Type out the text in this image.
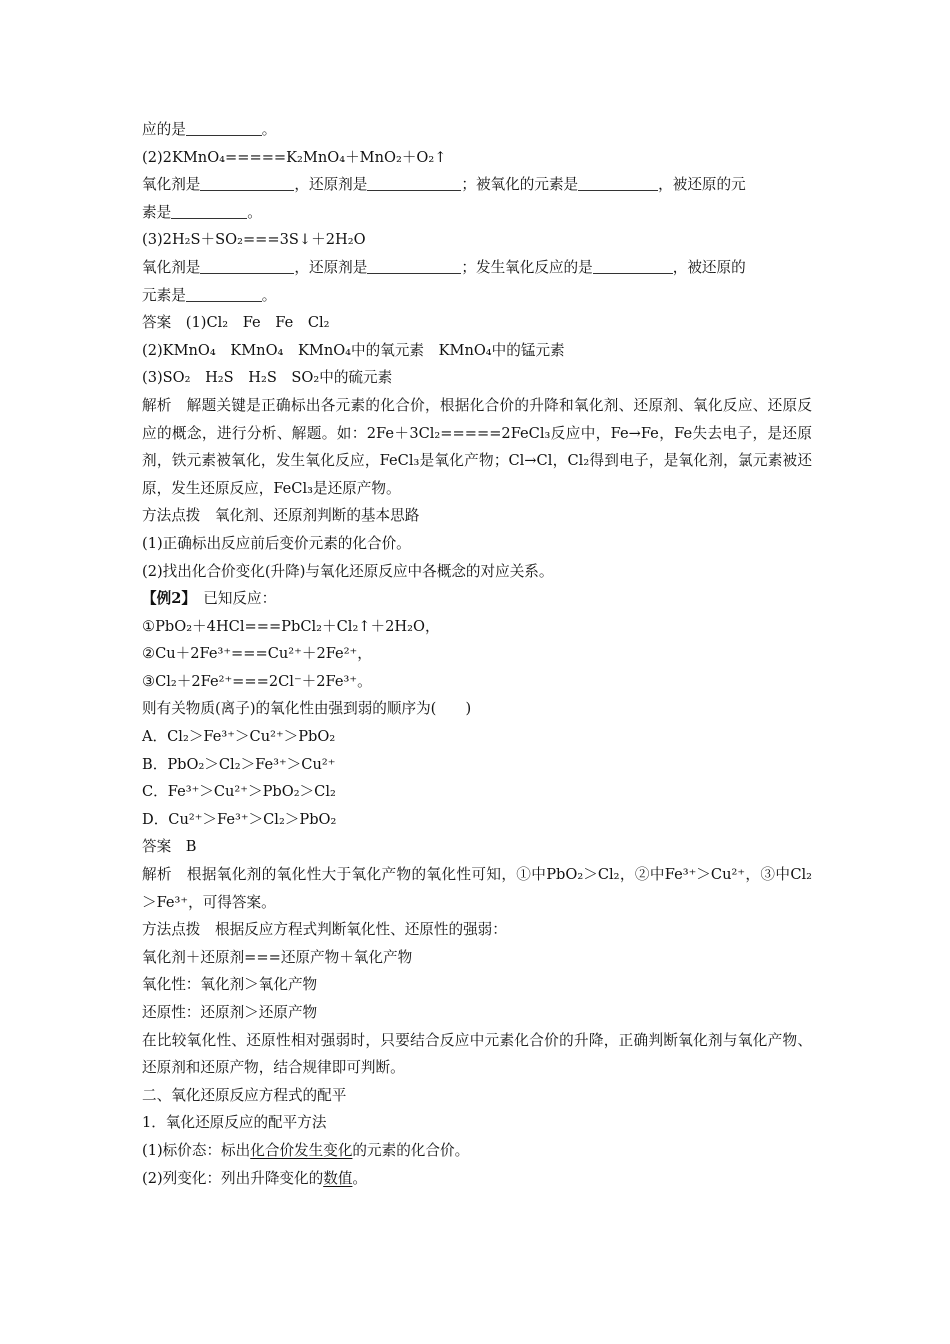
应的是	。
(2)2KMnO₄=====K₂MnO₄＋MnO₂＋O₂↑
氧化剂是	，还原剂是	；被氧化的元素是	，被还原的元
素是	。
(3)2H₂S＋SO₂===3S↓＋2H₂O
氧化剂是	，还原剂是	；发生氧化反应的是	，被还原的
元素是	。
答案　(1)Cl₂　Fe　Fe　Cl₂
(2)KMnO₄　KMnO₄　KMnO₄中的氧元素　KMnO₄中的锰元素
(3)SO₂　H₂S　H₂S　SO₂中的硫元素
解析　解题关键是正确标出各元素的化合价，根据化合价的升降和氧化剂、还原剂、氧化反应、还原反应的概念，进行分析、解题。如：2Fe＋3Cl₂=====2FeCl₃反应中，Fe→Fe，Fe失去电子，是还原剂，铁元素被氧化，发生氧化反应，FeCl₃是氧化产物；Cl→Cl，Cl₂得到电子，是氧化剂，氯元素被还原，发生还原反应，FeCl₃是还原产物。
方法点拨　氧化剂、还原剂判断的基本思路
(1)正确标出反应前后变价元素的化合价。
(2)找出化合价变化(升降)与氧化还原反应中各概念的对应关系。
【例2】　已知反应：
①PbO₂＋4HCl===PbCl₂＋Cl₂↑＋2H₂O，
②Cu＋2Fe³⁺===Cu²⁺＋2Fe²⁺，
③Cl₂＋2Fe²⁺===2Cl⁻＋2Fe³⁺。
则有关物质(离子)的氧化性由强到弱的顺序为(　　)
A．Cl₂＞Fe³⁺＞Cu²⁺＞PbO₂
B．PbO₂＞Cl₂＞Fe³⁺＞Cu²⁺
C．Fe³⁺＞Cu²⁺＞PbO₂＞Cl₂
D．Cu²⁺＞Fe³⁺＞Cl₂＞PbO₂
答案　B
解析　根据氧化剂的氧化性大于氧化产物的氧化性可知，①中PbO₂＞Cl₂，②中Fe³⁺＞Cu²⁺，③中Cl₂＞Fe³⁺，可得答案。
方法点拨　根据反应方程式判断氧化性、还原性的强弱：
氧化剂＋还原剂===还原产物＋氧化产物
氧化性：氧化剂＞氧化产物
还原性：还原剂＞还原产物
在比较氧化性、还原性相对强弱时，只要结合反应中元素化合价的升降，正确判断氧化剂与氧化产物、还原剂和还原产物，结合规律即可判断。
二、氧化还原反应方程式的配平
1．氧化还原反应的配平方法
(1)标价态：标出化合价发生变化的元素的化合价。
(2)列变化：列出升降变化的数值。
